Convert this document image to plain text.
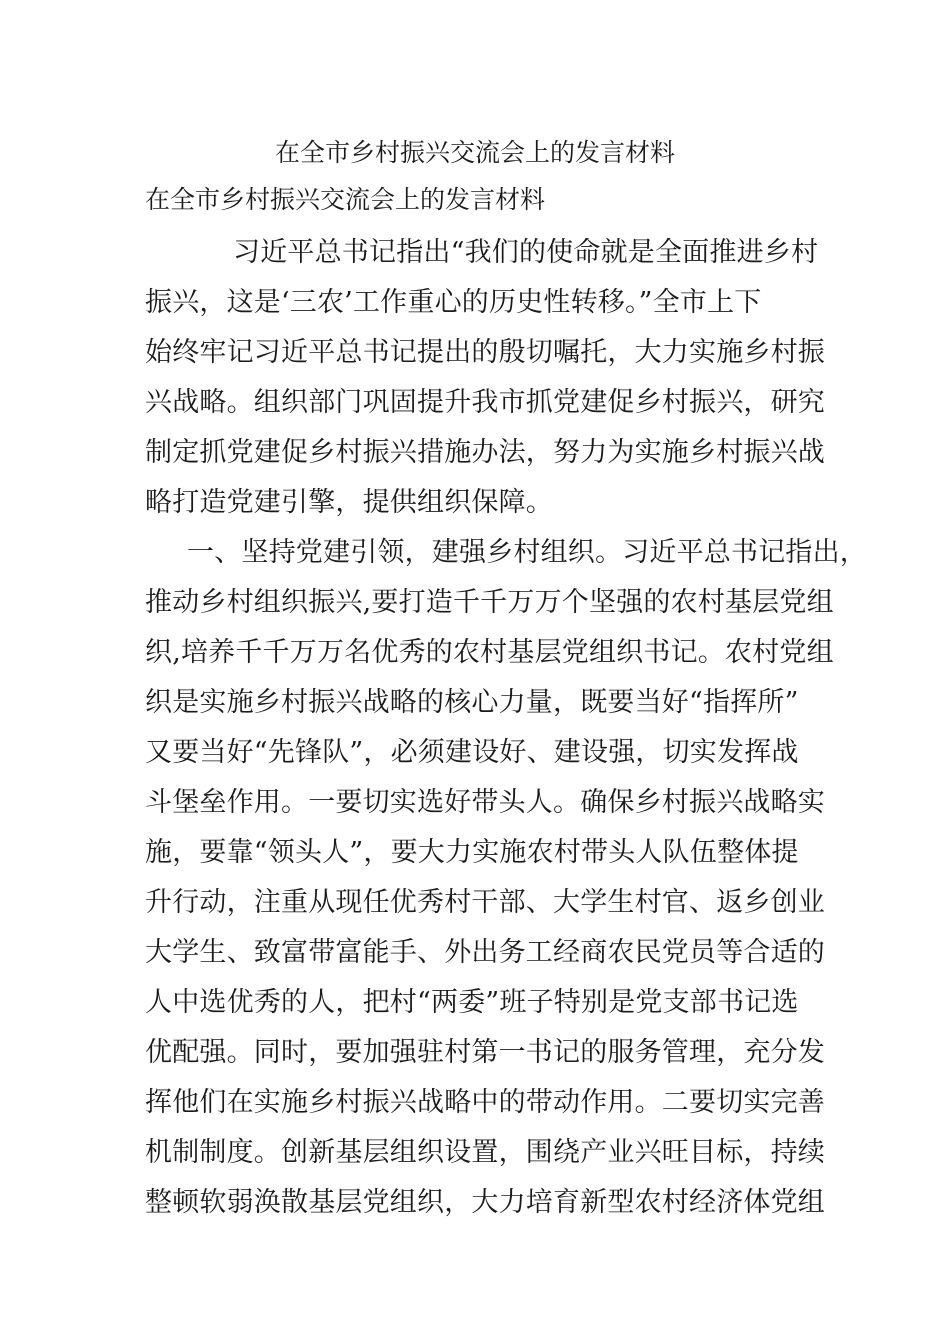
在全市乡村振兴交流会上的发言材料
在全市乡村振兴交流会上的发言材料
习近平总书记指出“我们的使命就是全面推进乡村
振兴，这是‘三农’工作重心的历史性转移。”全市上下
始终牢记习近平总书记提出的殷切嘱托，大力实施乡村振
兴战略。组织部门巩固提升我市抓党建促乡村振兴，研究
制定抓党建促乡村振兴措施办法，努力为实施乡村振兴战
略打造党建引擎，提供组织保障。
一、坚持党建引领，建强乡村组织。习近平总书记指出，
推动乡村组织振兴,要打造千千万万个坚强的农村基层党组
织,培养千千万万名优秀的农村基层党组织书记。农村党组
织是实施乡村振兴战略的核心力量，既要当好“指挥所”
又要当好“先锋队”，必须建设好、建设强，切实发挥战
斗堡垒作用。一要切实选好带头人。确保乡村振兴战略实
施，要靠“领头人”，要大力实施农村带头人队伍整体提
升行动，注重从现任优秀村干部、大学生村官、返乡创业
大学生、致富带富能手、外出务工经商农民党员等合适的
人中选优秀的人，把村“两委”班子特别是党支部书记选
优配强。同时，要加强驻村第一书记的服务管理，充分发
挥他们在实施乡村振兴战略中的带动作用。二要切实完善
机制制度。创新基层组织设置，围绕产业兴旺目标，持续
整顿软弱涣散基层党组织，大力培育新型农村经济体党组
